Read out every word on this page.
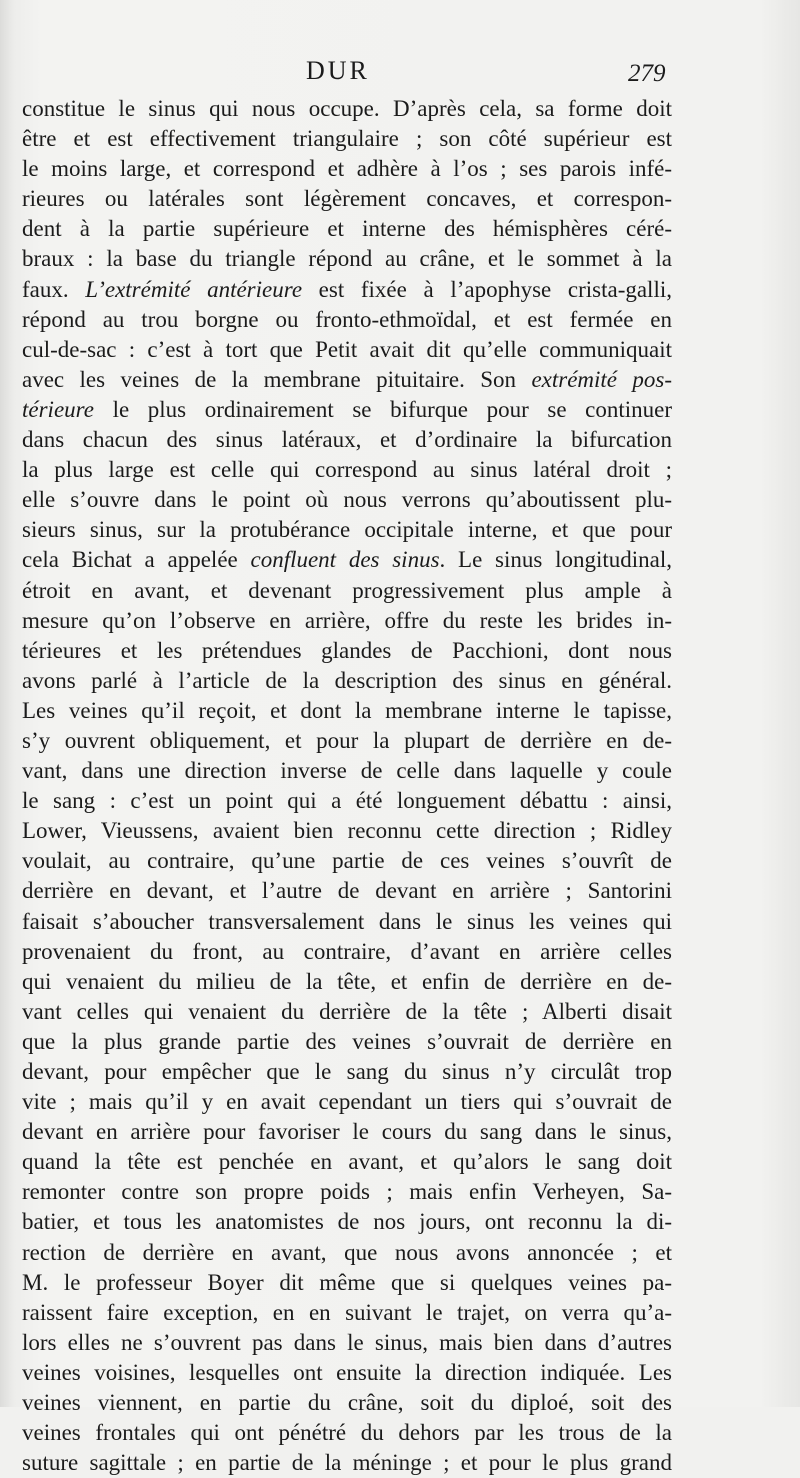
DUR	279
constitue le sinus qui nous occupe. D’après cela, sa forme doit
être et est effectivement triangulaire ; son côté supérieur est
le moins large, et correspond et adhère à l’os ; ses parois infé-
rieures ou latérales sont légèrement concaves, et correspon-
dent à la partie supérieure et interne des hémisphères céré-
braux : la base du triangle répond au crâne, et le sommet à la
faux. L’extrémité antérieure est fixée à l’apophyse crista-galli,
répond au trou borgne ou fronto-ethmoïdal, et est fermée en
cul-de-sac : c’est à tort que Petit avait dit qu’elle communiquait
avec les veines de la membrane pituitaire. Son extrémité pos-
térieure le plus ordinairement se bifurque pour se continuer
dans chacun des sinus latéraux, et d’ordinaire la bifurcation
la plus large est celle qui correspond au sinus latéral droit ;
elle s’ouvre dans le point où nous verrons qu’aboutissent plu-
sieurs sinus, sur la protubérance occipitale interne, et que pour
cela Bichat a appelée confluent des sinus. Le sinus longitudinal,
étroit en avant, et devenant progressivement plus ample à
mesure qu’on l’observe en arrière, offre du reste les brides in-
térieures et les prétendues glandes de Pacchioni, dont nous
avons parlé à l’article de la description des sinus en général.
Les veines qu’il reçoit, et dont la membrane interne le tapisse,
s’y ouvrent obliquement, et pour la plupart de derrière en de-
vant, dans une direction inverse de celle dans laquelle y coule
le sang : c’est un point qui a été longuement débattu : ainsi,
Lower, Vieussens, avaient bien reconnu cette direction ; Ridley
voulait, au contraire, qu’une partie de ces veines s’ouvrît de
derrière en devant, et l’autre de devant en arrière ; Santorini
faisait s’aboucher transversalement dans le sinus les veines qui
provenaient du front, au contraire, d’avant en arrière celles
qui venaient du milieu de la tête, et enfin de derrière en de-
vant celles qui venaient du derrière de la tête ; Alberti disait
que la plus grande partie des veines s’ouvrait de derrière en
devant, pour empêcher que le sang du sinus n’y circulât trop
vite ; mais qu’il y en avait cependant un tiers qui s’ouvrait de
devant en arrière pour favoriser le cours du sang dans le sinus,
quand la tête est penchée en avant, et qu’alors le sang doit
remonter contre son propre poids ; mais enfin Verheyen, Sa-
batier, et tous les anatomistes de nos jours, ont reconnu la di-
rection de derrière en avant, que nous avons annoncée ; et
M. le professeur Boyer dit même que si quelques veines pa-
raissent faire exception, en en suivant le trajet, on verra qu’a-
lors elles ne s’ouvrent pas dans le sinus, mais bien dans d’autres
veines voisines, lesquelles ont ensuite la direction indiquée. Les
veines viennent, en partie du crâne, soit du diploé, soit des
veines frontales qui ont pénétré du dehors par les trous de la
suture sagittale ; en partie de la méninge ; et pour le plus grand
